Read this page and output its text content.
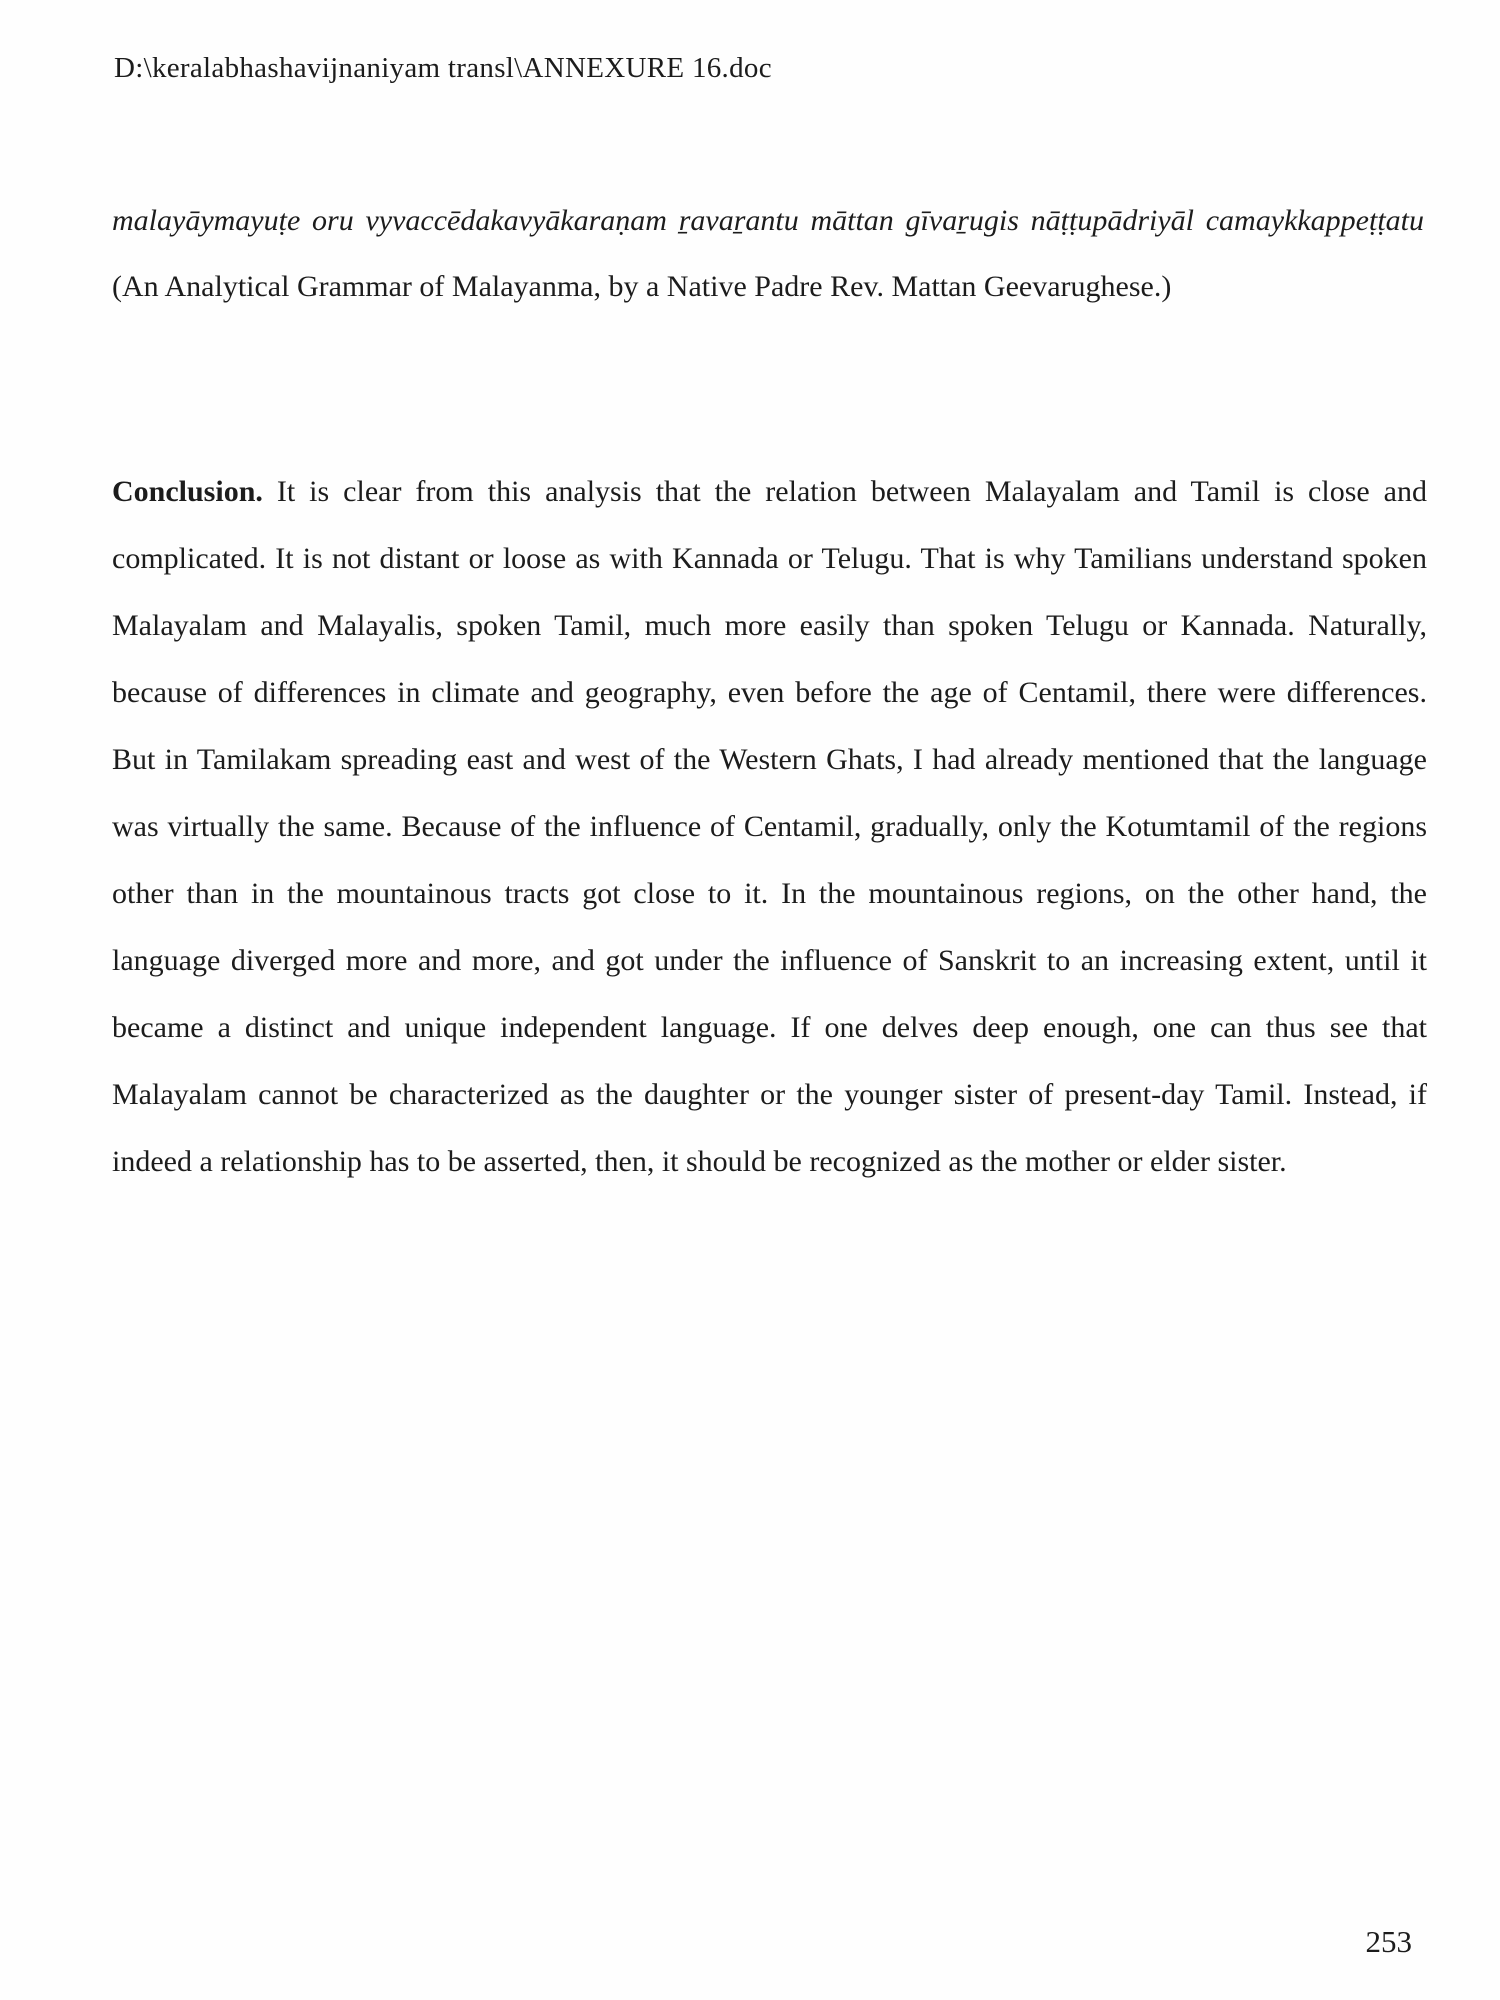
D:\keralabhashavijnaniyam transl\ANNEXURE 16.doc

malayāymayuṭe oru vyvaccēdakavyākaraṇam ṟavaṟantu māttan gīvaṟugis nāṭṭupādriyāl camaykkappeṭṭatu (An Analytical Grammar of Malayanma, by a Native Padre Rev. Mattan Geevarughese.)

Conclusion. It is clear from this analysis that the relation between Malayalam and Tamil is close and complicated. It is not distant or loose as with Kannada or Telugu. That is why Tamilians understand spoken Malayalam and Malayalis, spoken Tamil, much more easily than spoken Telugu or Kannada. Naturally, because of differences in climate and geography, even before the age of Centamil, there were differences. But in Tamilakam spreading east and west of the Western Ghats, I had already mentioned that the language was virtually the same. Because of the influence of Centamil, gradually, only the Kotumtamil of the regions other than in the mountainous tracts got close to it. In the mountainous regions, on the other hand, the language diverged more and more, and got under the influence of Sanskrit to an increasing extent, until it became a distinct and unique independent language. If one delves deep enough, one can thus see that Malayalam cannot be characterized as the daughter or the younger sister of present-day Tamil. Instead, if indeed a relationship has to be asserted, then, it should be recognized as the mother or elder sister.

253
